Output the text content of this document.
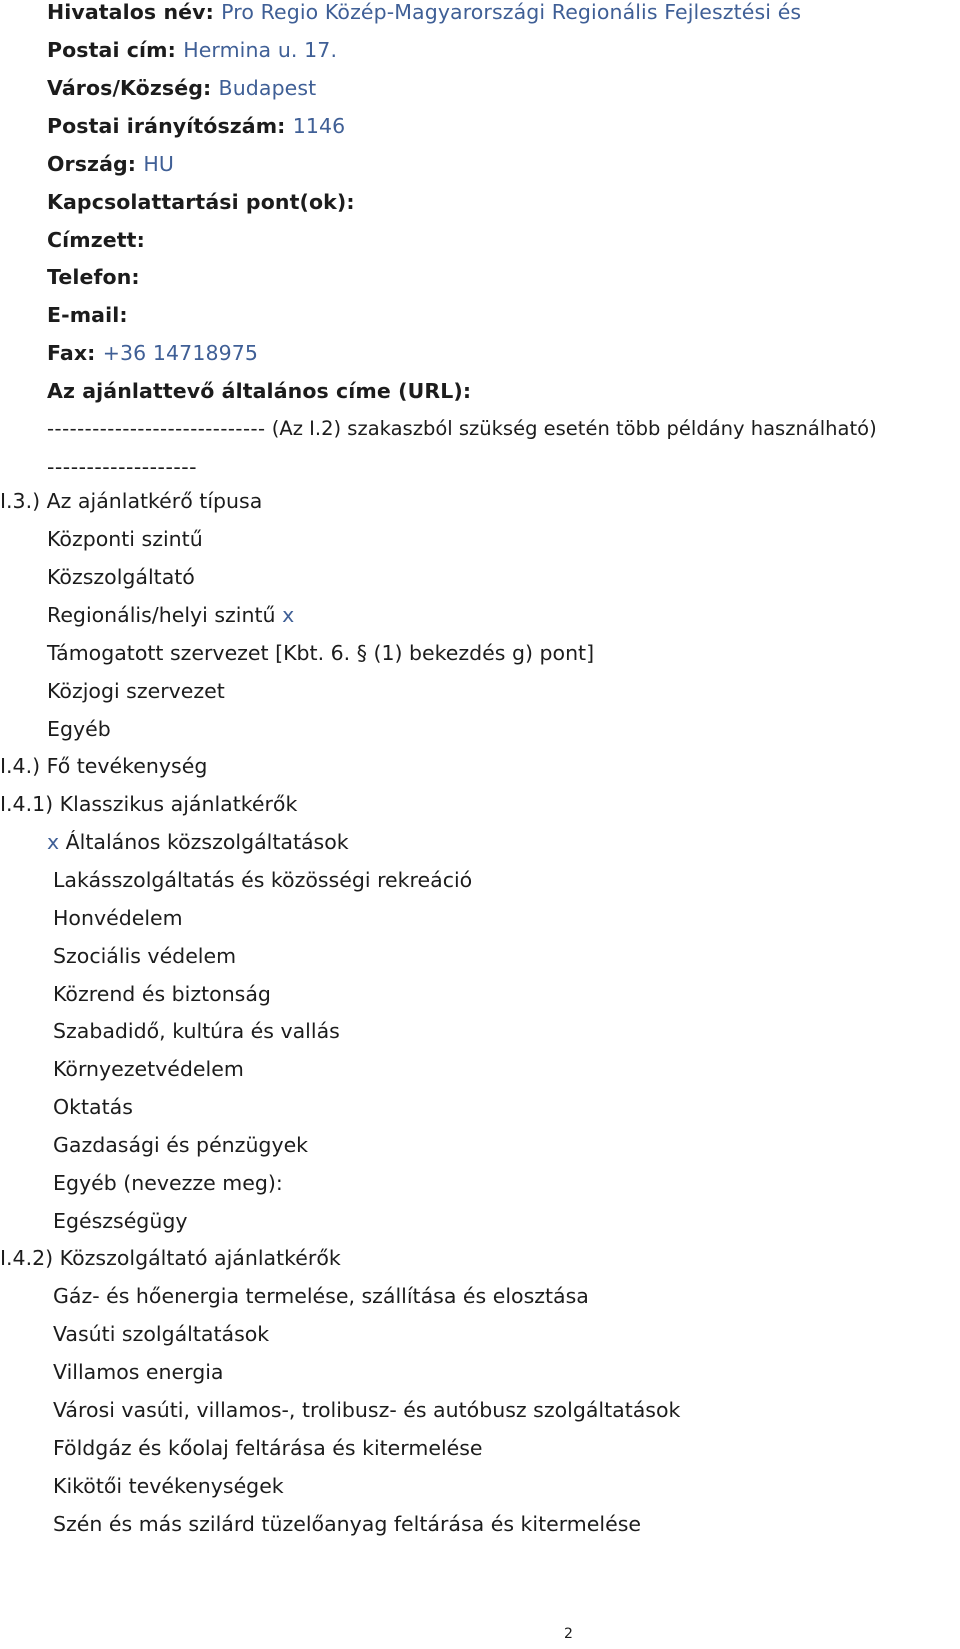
Hivatalos név: Pro Regio Közép-Magyarországi Regionális Fejlesztési és
Postai cím: Hermina u. 17.
Város/Község: Budapest
Postai irányítószám: 1146
Ország: HU
Kapcsolattartási pont(ok):
Címzett:
Telefon:
E-mail:
Fax: +36 14718975
Az ajánlattevő általános címe (URL):
----------------------------- (Az I.2) szakaszból szükség esetén több példány használható)
-------------------
I.3.) Az ajánlatkérő típusa
Központi szintű
Közszolgáltató
Regionális/helyi szintű x
Támogatott szervezet [Kbt. 6. § (1) bekezdés g) pont]
Közjogi szervezet
Egyéb
I.4.) Fő tevékenység
I.4.1) Klasszikus ajánlatkérők
x Általános közszolgáltatások
Lakásszolgáltatás és közösségi rekreáció
Honvédelem
Szociális védelem
Közrend és biztonság
Szabadidő, kultúra és vallás
Környezetvédelem
Oktatás
Gazdasági és pénzügyek
Egyéb (nevezze meg):
Egészségügy
I.4.2) Közszolgáltató ajánlatkérők
Gáz- és hőenergia termelése, szállítása és elosztása
Vasúti szolgáltatások
Villamos energia
Városi vasúti, villamos-, trolibusz- és autóbusz szolgáltatások
Földgáz és kőolaj feltárása és kitermelése
Kikötői tevékenységek
Szén és más szilárd tüzelőanyag feltárása és kitermelése
2
